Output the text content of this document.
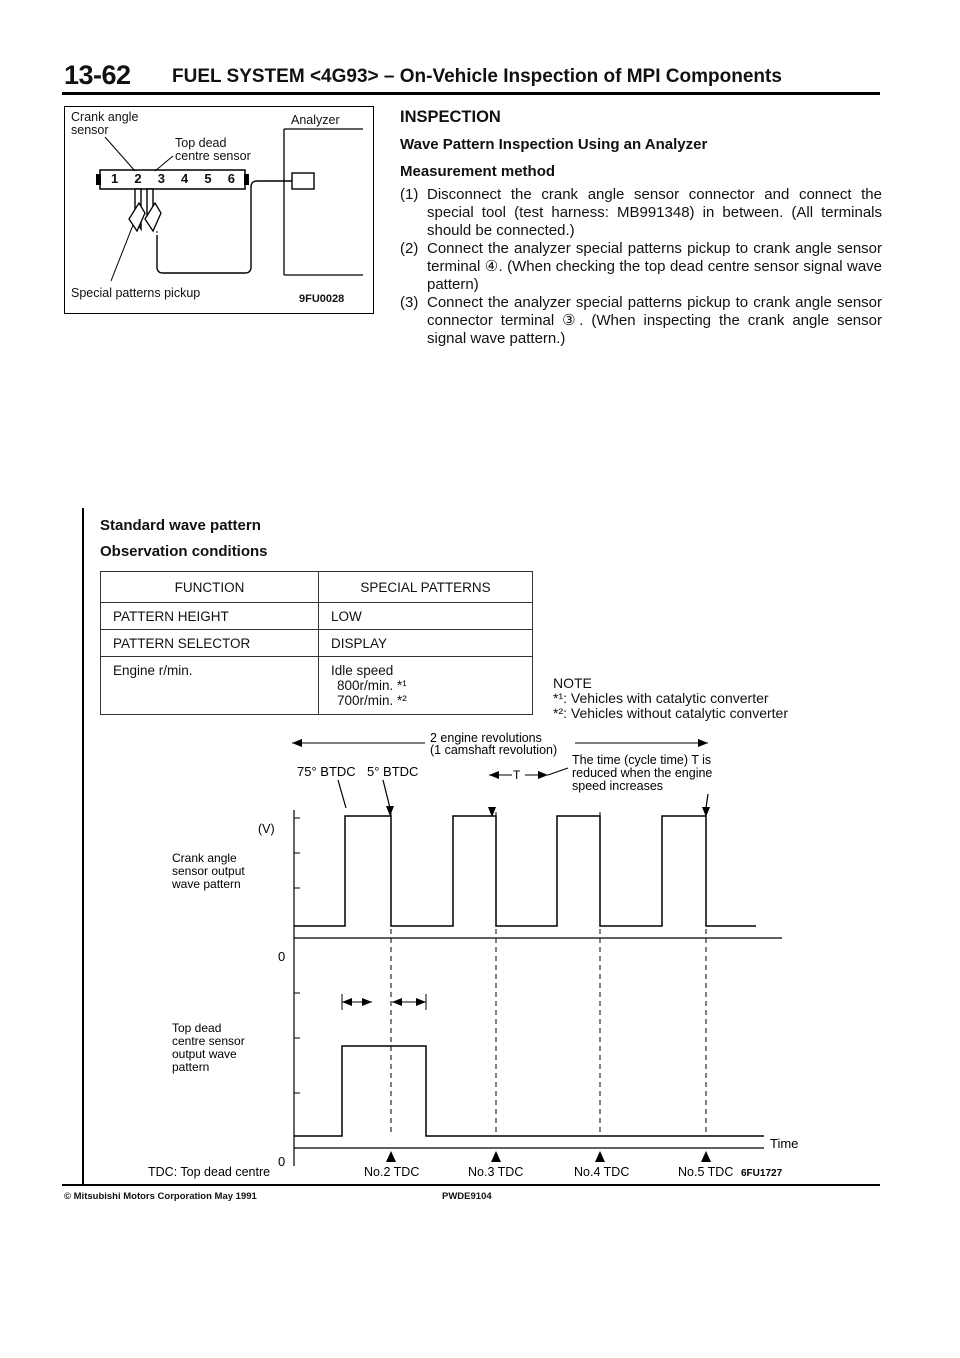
13-62 FUEL SYSTEM <4G93> – On-Vehicle Inspection of MPI Components
Crank angle
sensor
Analyzer
Top dead
centre sensor
1 2 3 4 5 6
Special patterns pickup	9FU0028
INSPECTION
Wave Pattern Inspection Using an Analyzer
Measurement method
(1) Disconnect the crank angle sensor connector and connect the special tool (test harness: MB991348) in between. (All terminals should be connected.)
(2) Connect the analyzer special patterns pickup to crank angle sensor terminal ④. (When checking the top dead centre sensor signal wave pattern)
(3) Connect the analyzer special patterns pickup to crank angle sensor connector terminal ③. (When inspecting the crank angle sensor signal wave pattern.)
Standard wave pattern
Observation conditions
FUNCTION	SPECIAL PATTERNS
PATTERN HEIGHT	LOW
PATTERN SELECTOR	DISPLAY
Engine r/min.	Idle speed
800r/min. *¹
700r/min. *²
NOTE
*¹: Vehicles with catalytic converter
*²: Vehicles without catalytic converter
2 engine revolutions
(1 camshaft revolution)
75° BTDC 5° BTDC	T
The time (cycle time) T is
reduced when the engine
speed increases
(V)
Crank angle
sensor output
wave pattern
0
Top dead
centre sensor
output wave
pattern
0
Time
TDC: Top dead centre	No.2 TDC	No.3 TDC	No.4 TDC	No.5 TDC 6FU1727
© Mitsubishi Motors Corporation May 1991	PWDE9104
